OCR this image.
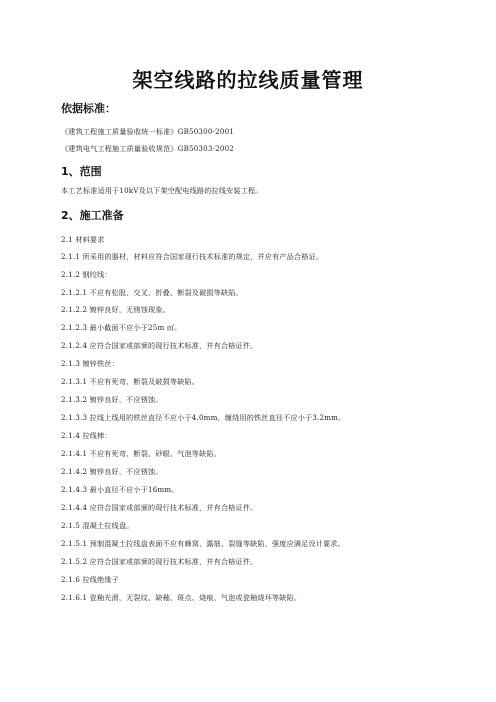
架空线路的拉线质量管理
依据标准：
《建筑工程施工质量验收统一标准》GB50300-2001
《建筑电气工程施工质量验收规范》GB50303-2002
1、范围
本工艺标准适用于10kV及以下架空配电线路的拉线安装工程。
2、施工准备
2.1 材料要求
2.1.1 所采用的器材，材料应符合国家现行技术标准的规定，并应有产品合格证。
2.1.2 钢绞线：
2.1.2.1 不应有松股、交叉、折叠、断裂及破损等缺陷。
2.1.2.2 镀锌良好，无锈蚀现象。
2.1.2.3 最小截面不应小于25m ㎡。
2.1.2.4 应符合国家或部颁的现行技术标准，并有合格证件。
2.1.3 镀锌铁丝：
2.1.3.1 不应有死弯、断裂及破损等缺陷。
2.1.3.2 镀锌良好，不应锈蚀。
2.1.3.3 拉线上线用的铁丝直径不应小于4.0mm，缠绕用的铁丝直径不应小于3.2mm。
2.1.4 拉线棒：
2.1.4.1 不应有死弯、断裂、砂眼、气泡等缺陷。
2.1.4.2 镀锌良好，不应锈蚀。
2.1.4.3 最小直径不应小于16mm。
2.1.4.4 应符合国家或部颁的现行技术标准，并有合格证件。
2.1.5 混凝土拉线盘。
2.1.5.1 预制混凝土拉线盘表面不应有蜂窝、露筋、裂缝等缺陷，强度应满足设计要求。
2.1.5.2 应符合国家或部颁的现行技术标准，并有合格证件。
2.1.6 拉线绝缘子
2.1.6.1 瓷釉光滑，无裂纹、缺釉、斑点、烧痕、气泡或瓷釉烧坏等缺陷。
